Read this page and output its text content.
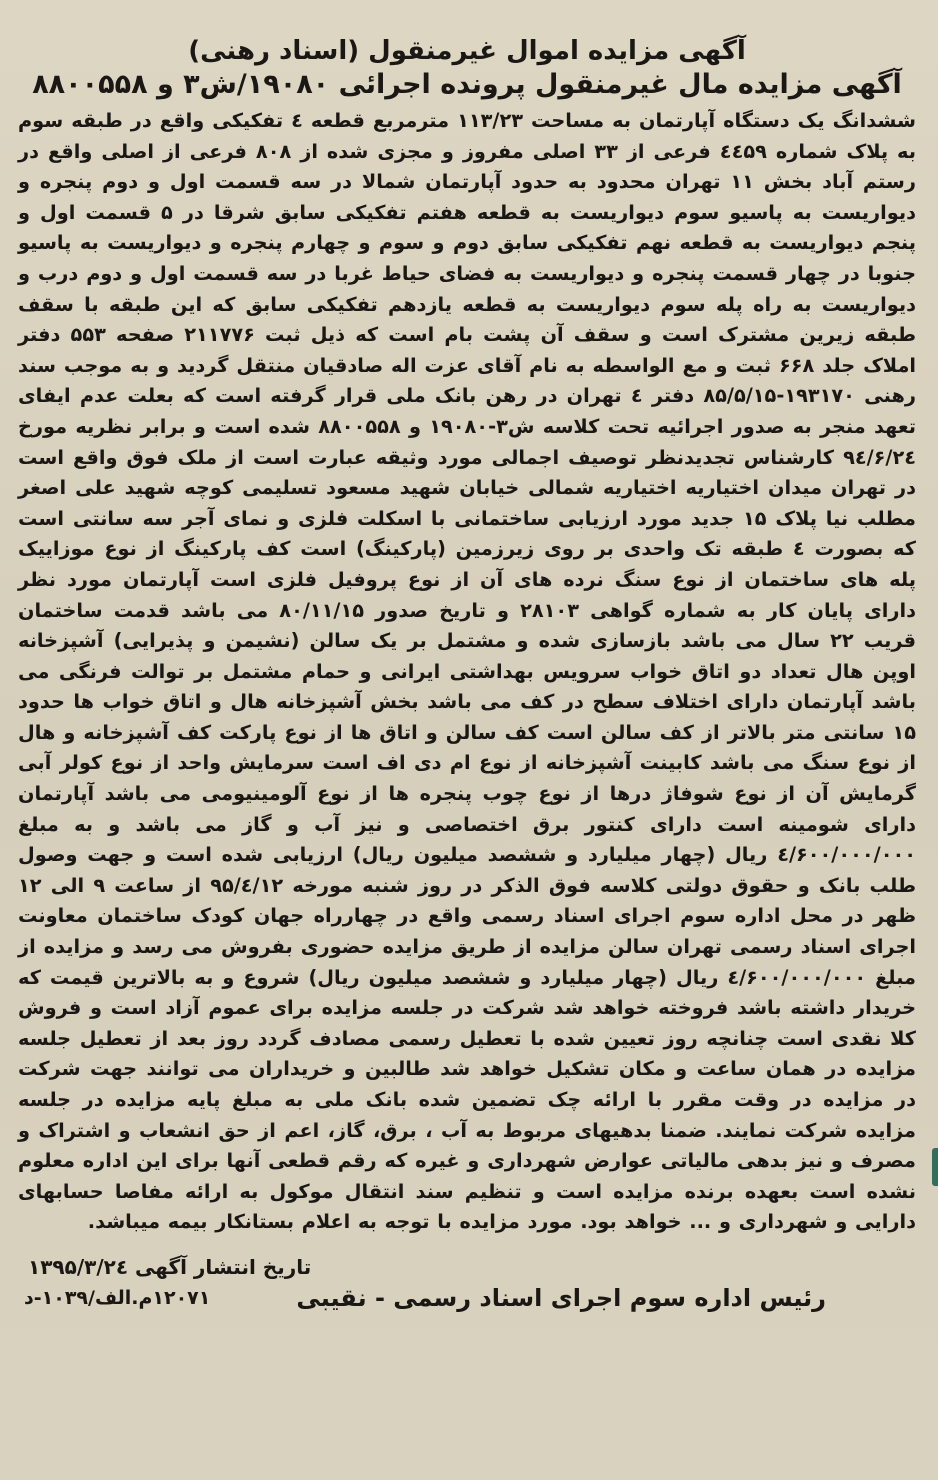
آگهی مزایده اموال غیرمنقول (اسناد رهنی)
آگهی مزایده مال غیرمنقول پرونده اجرائی ۱۹۰۸۰/ش۳ و ۸۸۰۰۵۵۸

ششدانگ یک دستگاه آپارتمان به مساحت ۱۱۳/۲۳ مترمربع قطعه ٤ تفکیکی واقع در طبقه سوم به پلاک شماره ٤٤۵۹ فرعی از ۳۳ اصلی مفروز و مجزی شده از ۸۰۸ فرعی از اصلی واقع در رستم آباد بخش ۱۱ تهران محدود به حدود آپارتمان شمالا در سه قسمت اول و دوم پنجره و دیواریست به پاسیو سوم دیواریست به قطعه هفتم تفکیکی سابق شرقا در ۵ قسمت اول و پنجم دیواریست به قطعه نهم تفکیکی سابق دوم و سوم و چهارم پنجره و دیواریست به پاسیو جنوبا در چهار قسمت پنجره و دیواریست به فضای حیاط غربا در سه قسمت اول و دوم درب و دیواریست به راه پله سوم دیواریست به قطعه یازدهم تفکیکی سابق که این طبقه با سقف طبقه زیرین مشترک است و سقف آن پشت بام است که ذیل ثبت ۲۱۱۷۷۶ صفحه ۵۵۳ دفتر املاک جلد ۶۶۸ ثبت و مع الواسطه به نام آقای عزت اله صادقیان منتقل گردید و به موجب سند رهنی ۱۹۳۱۷۰-۸۵/۵/۱۵ دفتر ٤ تهران در رهن بانک ملی قرار گرفته است که بعلت عدم ایفای تعهد منجر به صدور اجرائیه تحت کلاسه ش۳-۱۹۰۸۰ و ۸۸۰۰۵۵۸ شده است و برابر نظریه مورخ ۹٤/۶/۲٤ کارشناس تجدیدنظر توصیف اجمالی مورد وثیقه عبارت است از ملک فوق واقع است در تهران میدان اختیاریه اختیاریه شمالی خیابان شهید مسعود تسلیمی کوچه شهید علی اصغر مطلب نیا پلاک ۱۵ جدید مورد ارزیابی ساختمانی با اسکلت فلزی و نمای آجر سه سانتی است که بصورت ٤ طبقه تک واحدی بر روی زیرزمین (پارکینگ) است کف پارکینگ از نوع موزاییک پله های ساختمان از نوع سنگ نرده های آن از نوع پروفیل فلزی است آپارتمان مورد نظر دارای پایان کار به شماره گواهی ۲۸۱۰۳ و تاریخ صدور ۸۰/۱۱/۱۵ می باشد قدمت ساختمان قریب ۲۲ سال می باشد بازسازی شده و مشتمل بر یک سالن (نشیمن و پذیرایی) آشپزخانه اوپن هال تعداد دو اتاق خواب سرویس بهداشتی ایرانی و حمام مشتمل بر توالت فرنگی می باشد آپارتمان دارای اختلاف سطح در کف می باشد بخش آشپزخانه هال و اتاق خواب ها حدود ۱۵ سانتی متر بالاتر از کف سالن است کف سالن و اتاق ها از نوع پارکت کف آشپزخانه و هال از نوع سنگ می باشد کابینت آشپزخانه از نوع ام دی اف است سرمایش واحد از نوع کولر آبی گرمایش آن از نوع شوفاژ درها از نوع چوب پنجره ها از نوع آلومینیومی می باشد آپارتمان دارای شومینه است دارای کنتور برق اختصاصی و نیز آب و گاز می باشد و به مبلغ ٤/۶۰۰/۰۰۰/۰۰۰ ریال (چهار میلیارد و ششصد میلیون ریال) ارزیابی شده است و جهت وصول طلب بانک و حقوق دولتی کلاسه فوق الذکر در روز شنبه مورخه ۹۵/٤/۱۲ از ساعت ۹ الی ۱۲ ظهر در محل اداره سوم اجرای اسناد رسمی واقع در چهارراه جهان کودک ساختمان معاونت اجرای اسناد رسمی تهران سالن مزایده از طریق مزایده حضوری بفروش می رسد و مزایده از مبلغ ٤/۶۰۰/۰۰۰/۰۰۰ ریال (چهار میلیارد و ششصد میلیون ریال) شروع و به بالاترین قیمت که خریدار داشته باشد فروخته خواهد شد شرکت در جلسه مزایده برای عموم آزاد است و فروش کلا نقدی است چنانچه روز تعیین شده با تعطیل رسمی مصادف گردد روز بعد از تعطیل جلسه مزایده در همان ساعت و مکان تشکیل خواهد شد طالبین و خریداران می توانند جهت شرکت در مزایده در وقت مقرر با ارائه چک تضمین شده بانک ملی به مبلغ پایه مزایده در جلسه مزایده شرکت نمایند. ضمنا بدهیهای مربوط به آب ، برق، گاز، اعم از حق انشعاب و اشتراک و مصرف و نیز بدهی مالیاتی عوارض شهرداری و غیره که رقم قطعی آنها برای این اداره معلوم نشده است بعهده برنده مزایده است و تنظیم سند انتقال موکول به ارائه مفاصا حسابهای دارایی و شهرداری و ... خواهد بود. مورد مزایده با توجه به اعلام بستانکار بیمه میباشد.

تاریخ انتشار آگهی ۱۳۹۵/۳/۲٤
رئیس اداره سوم اجرای اسناد رسمی - نقیبی
۱۲۰۷۱م.الف/۱۰۳۹-د
